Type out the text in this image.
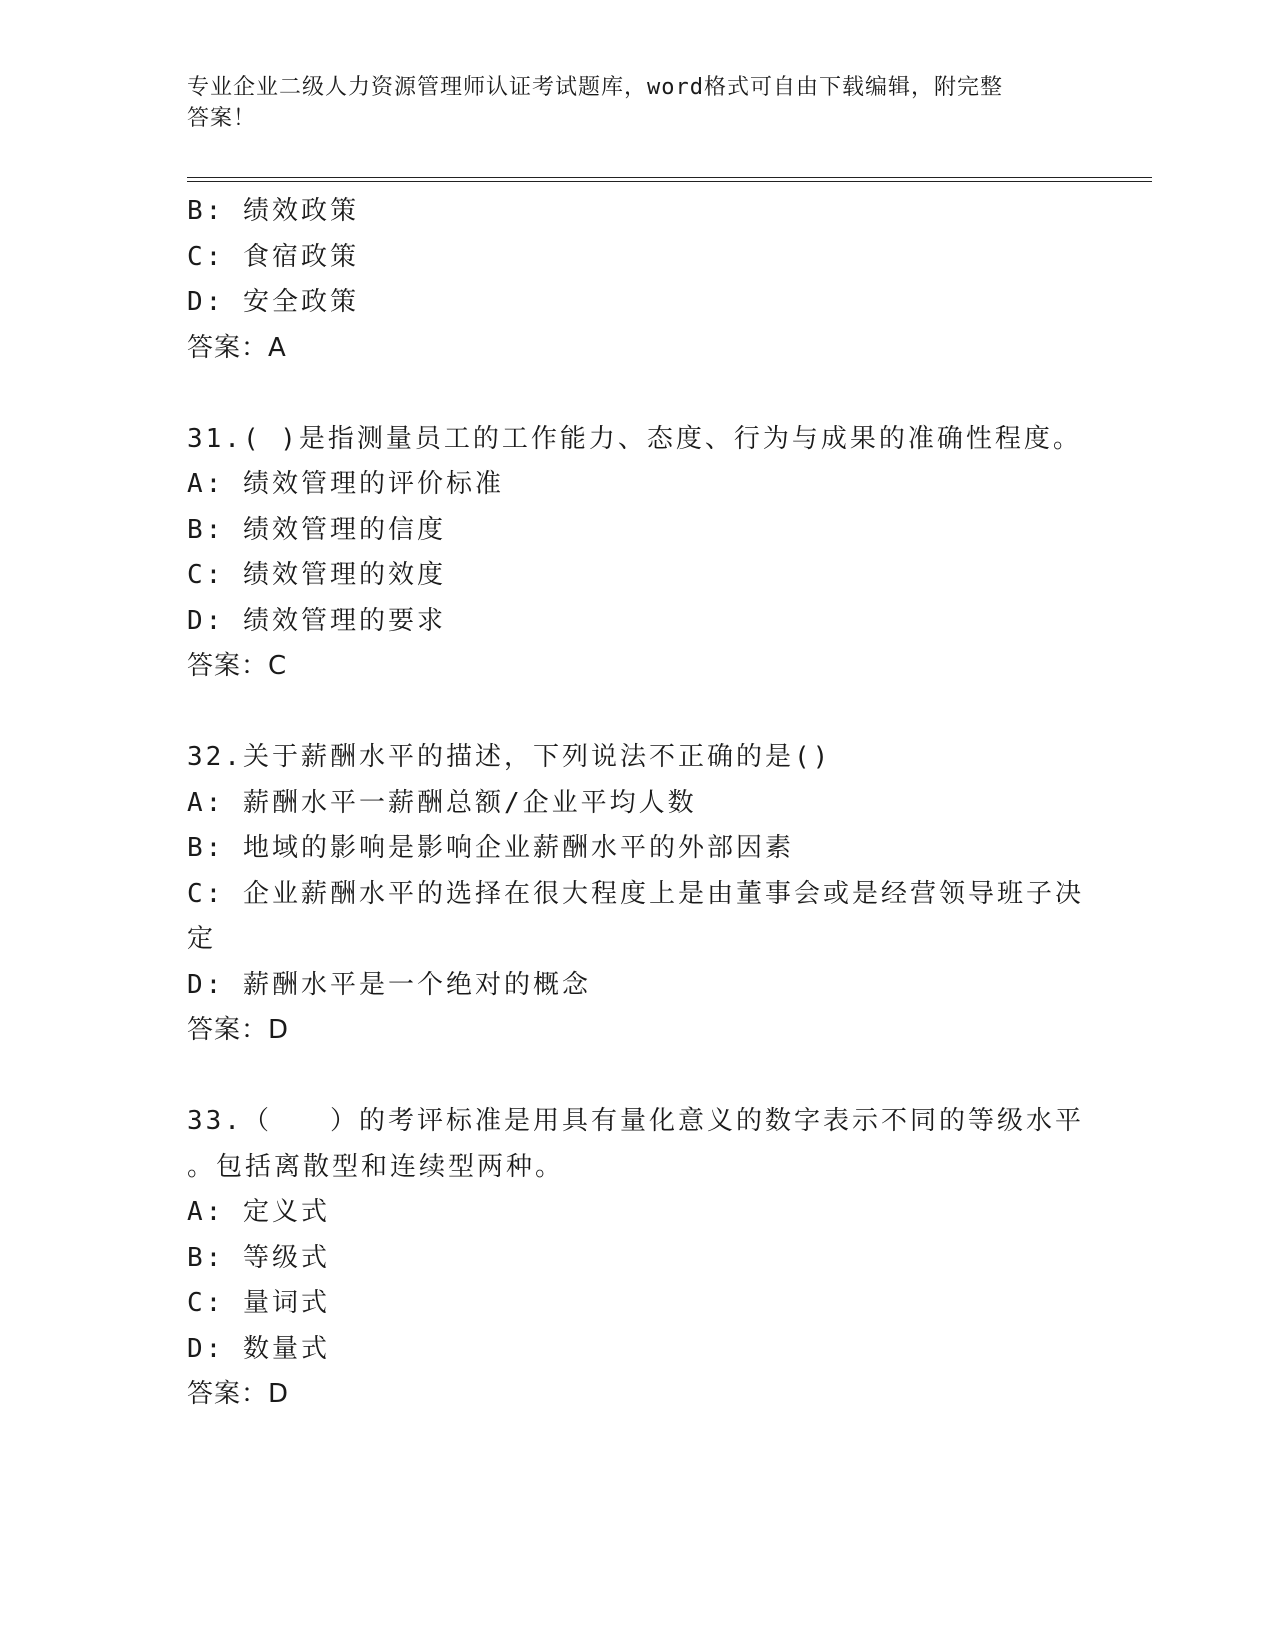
专业企业二级人力资源管理师认证考试题库，word格式可自由下载编辑，附完整
答案！
B: 绩效政策
C: 食宿政策
D: 安全政策
答案：A
31.( )是指测量员工的工作能力、态度、行为与成果的准确性程度。
A: 绩效管理的评价标准
B: 绩效管理的信度
C: 绩效管理的效度
D: 绩效管理的要求
答案：C
32.关于薪酬水平的描述，下列说法不正确的是()
A: 薪酬水平一薪酬总额/企业平均人数
B: 地域的影响是影响企业薪酬水平的外部因素
C: 企业薪酬水平的选择在很大程度上是由董事会或是经营领导班子决
定
D: 薪酬水平是一个绝对的概念
答案：D
33.（　　）的考评标准是用具有量化意义的数字表示不同的等级水平
。包括离散型和连续型两种。
A: 定义式
B: 等级式
C: 量词式
D: 数量式
答案：D
